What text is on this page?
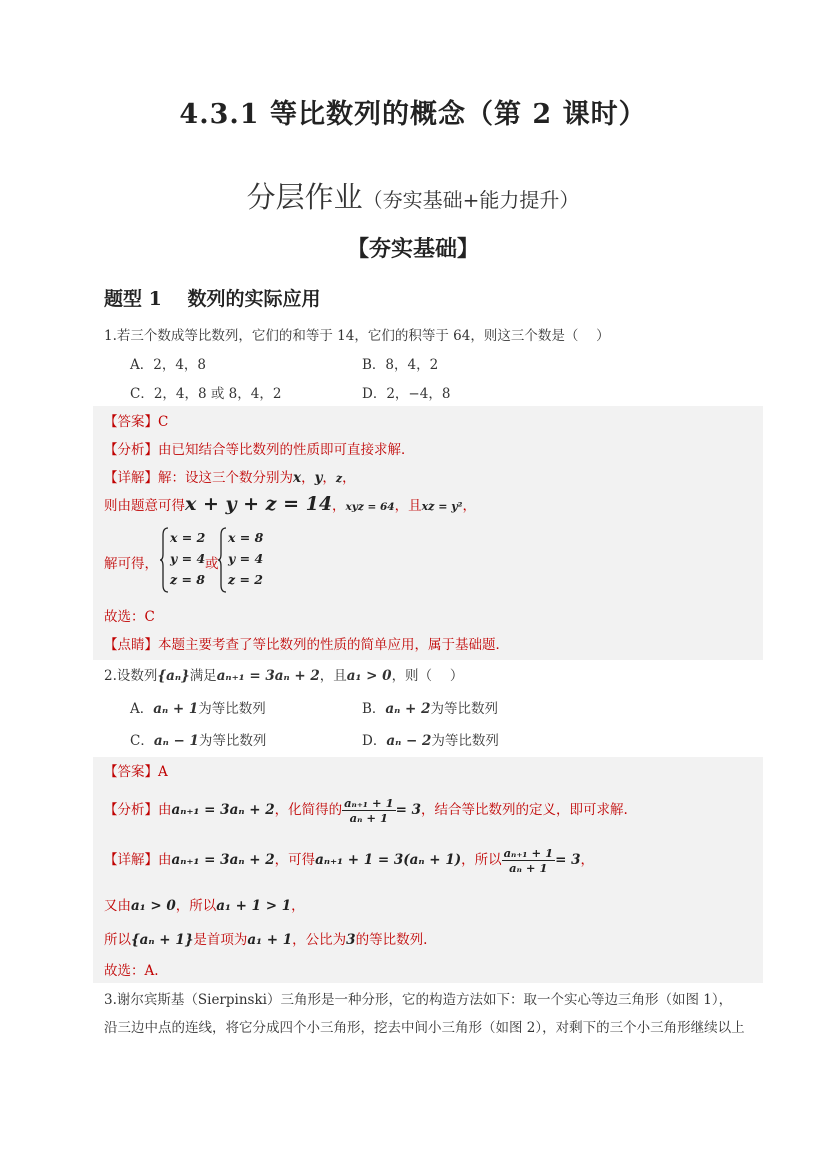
4.3.1 等比数列的概念（第 2 课时）
分层作业（夯实基础+能力提升）
【夯实基础】
题型 1　 数列的实际应用
1.若三个数成等比数列，它们的和等于 14，它们的积等于 64，则这三个数是（　 ）
A．2，4，8	B．8，4，2
C．2，4，8 或 8，4，2	D．2，−4，8
【答案】C
【分析】由已知结合等比数列的性质即可直接求解．
【详解】解：设这三个数分别为x，y，z，
则由题意可得x + y + z = 14，xyz = 64，且xz = y²，
解可得，
x = 2
y = 4
z = 8
或
x = 8
y = 4
z = 2
故选：C
【点睛】本题主要考查了等比数列的性质的简单应用，属于基础题．
2.设数列{aₙ}满足aₙ₊₁ = 3aₙ + 2，且a₁ > 0，则（　 ）
A．aₙ + 1为等比数列	B．aₙ + 2为等比数列
C．aₙ − 1为等比数列	D．aₙ − 2为等比数列
【答案】A
【分析】由aₙ₊₁ = 3aₙ + 2，化简得的 $\frac{\text{aₙ₊₁ + 1}}{\text{aₙ + 1}} = 3$，结合等比数列的定义，即可求解.
【详解】由aₙ₊₁ = 3aₙ + 2，可得aₙ₊₁ + 1 = 3(aₙ + 1)，所以 $\frac{\text{aₙ₊₁ + 1}}{\text{aₙ + 1}} = 3$，
又由a₁ > 0，所以a₁ + 1 > 1，
所以{aₙ + 1}是首项为a₁ + 1，公比为3的等比数列.
故选：A.
3.谢尔宾斯基（Sierpinski）三角形是一种分形，它的构造方法如下：取一个实心等边三角形（如图 1），
沿三边中点的连线，将它分成四个小三角形，挖去中间小三角形（如图 2），对剩下的三个小三角形继续以上
